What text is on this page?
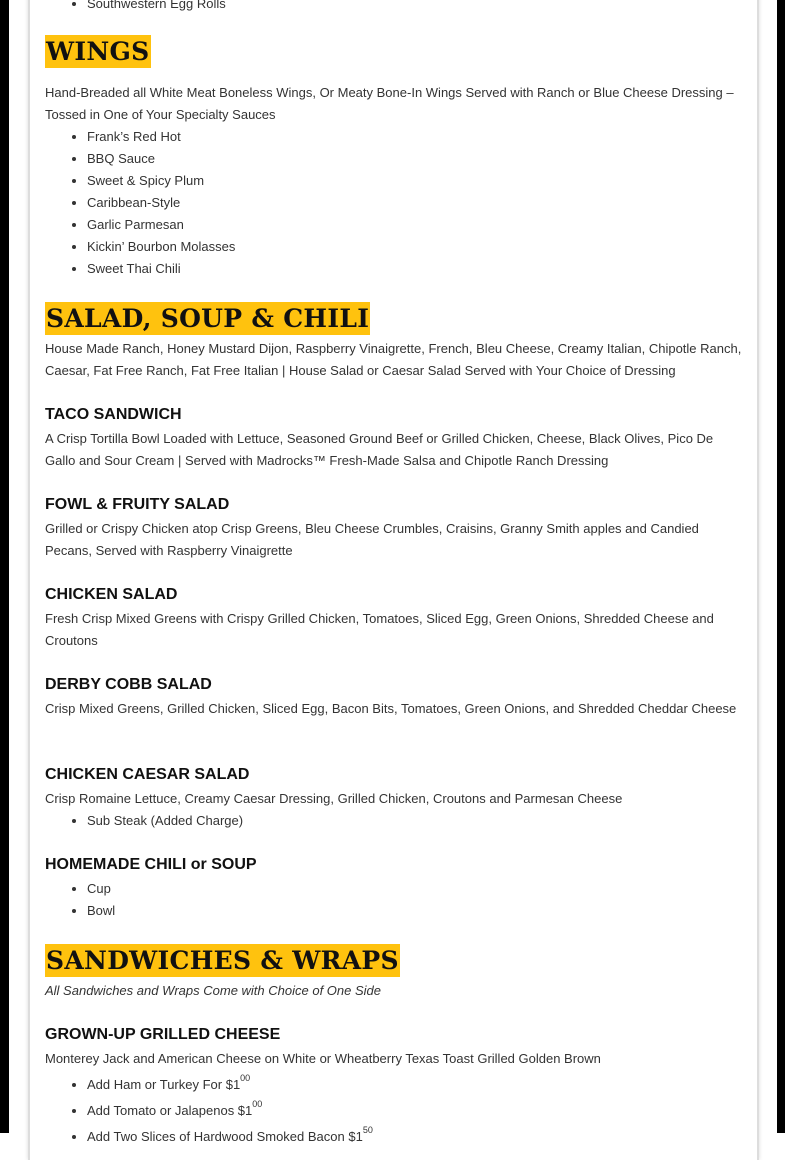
• Southwestern Egg Rolls
WINGS
Hand-Breaded all White Meat Boneless Wings, Or Meaty Bone-In Wings Served with Ranch or Blue Cheese Dressing – Tossed in One of Your Specialty Sauces
• Frank’s Red Hot
• BBQ Sauce
• Sweet & Spicy Plum
• Caribbean-Style
• Garlic Parmesan
• Kickin’ Bourbon Molasses
• Sweet Thai Chili
SALAD, SOUP & CHILI
House Made Ranch, Honey Mustard Dijon, Raspberry Vinaigrette, French, Bleu Cheese, Creamy Italian, Chipotle Ranch, Caesar, Fat Free Ranch, Fat Free Italian | House Salad or Caesar Salad Served with Your Choice of Dressing
TACO SANDWICH
A Crisp Tortilla Bowl Loaded with Lettuce, Seasoned Ground Beef or Grilled Chicken, Cheese, Black Olives, Pico De Gallo and Sour Cream | Served with Madrocks™ Fresh-Made Salsa and Chipotle Ranch Dressing
FOWL & FRUITY SALAD
Grilled or Crispy Chicken atop Crisp Greens, Bleu Cheese Crumbles, Craisins, Granny Smith apples and Candied Pecans, Served with Raspberry Vinaigrette
CHICKEN SALAD
Fresh Crisp Mixed Greens with Crispy Grilled Chicken, Tomatoes, Sliced Egg, Green Onions, Shredded Cheese and Croutons
DERBY COBB SALAD
Crisp Mixed Greens, Grilled Chicken, Sliced Egg, Bacon Bits, Tomatoes, Green Onions, and Shredded Cheddar Cheese
CHICKEN CAESAR SALAD
Crisp Romaine Lettuce, Creamy Caesar Dressing, Grilled Chicken, Croutons and Parmesan Cheese
• Sub Steak (Added Charge)
HOMEMADE CHILI or SOUP
• Cup
• Bowl
SANDWICHES & WRAPS
All Sandwiches and Wraps Come with Choice of One Side
GROWN-UP GRILLED CHEESE
Monterey Jack and American Cheese on White or Wheatberry Texas Toast Grilled Golden Brown
• Add Ham or Turkey For $\$1^{00}$
• Add Tomato or Jalapenos $\$1^{00}$
• Add Two Slices of Hardwood Smoked Bacon $\$1^{50}$
